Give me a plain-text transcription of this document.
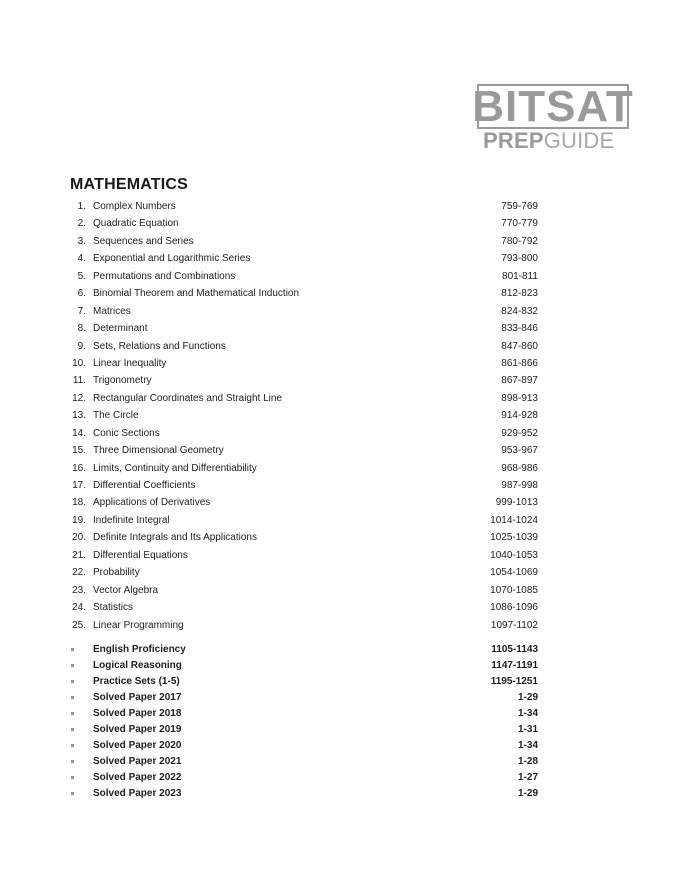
BITSAT
PREPGUIDE
MATHEMATICS
1. Complex Numbers	759-769
2. Quadratic Equation	770-779
3. Sequences and Series	780-792
4. Exponential and Logarithmic Series	793-800
5. Permutations and Combinations	801-811
6. Binomial Theorem and Mathematical Induction	812-823
7. Matrices	824-832
8. Determinant	833-846
9. Sets, Relations and Functions	847-860
10. Linear Inequality	861-866
11. Trigonometry	867-897
12. Rectangular Coordinates and Straight Line	898-913
13. The Circle	914-928
14. Conic Sections	929-952
15. Three Dimensional Geometry	953-967
16. Limits, Continuity and Differentiability	968-986
17. Differential Coefficients	987-998
18. Applications of Derivatives	999-1013
19. Indefinite Integral	1014-1024
20. Definite Integrals and Its Applications	1025-1039
21. Differential Equations	1040-1053
22. Probability	1054-1069
23. Vector Algebra	1070-1085
24. Statistics	1086-1096
25. Linear Programming	1097-1102
English Proficiency	1105-1143
Logical Reasoning	1147-1191
Practice Sets (1-5)	1195-1251
Solved Paper 2017	1-29
Solved Paper 2018	1-34
Solved Paper 2019	1-31
Solved Paper 2020	1-34
Solved Paper 2021	1-28
Solved Paper 2022	1-27
Solved Paper 2023	1-29
